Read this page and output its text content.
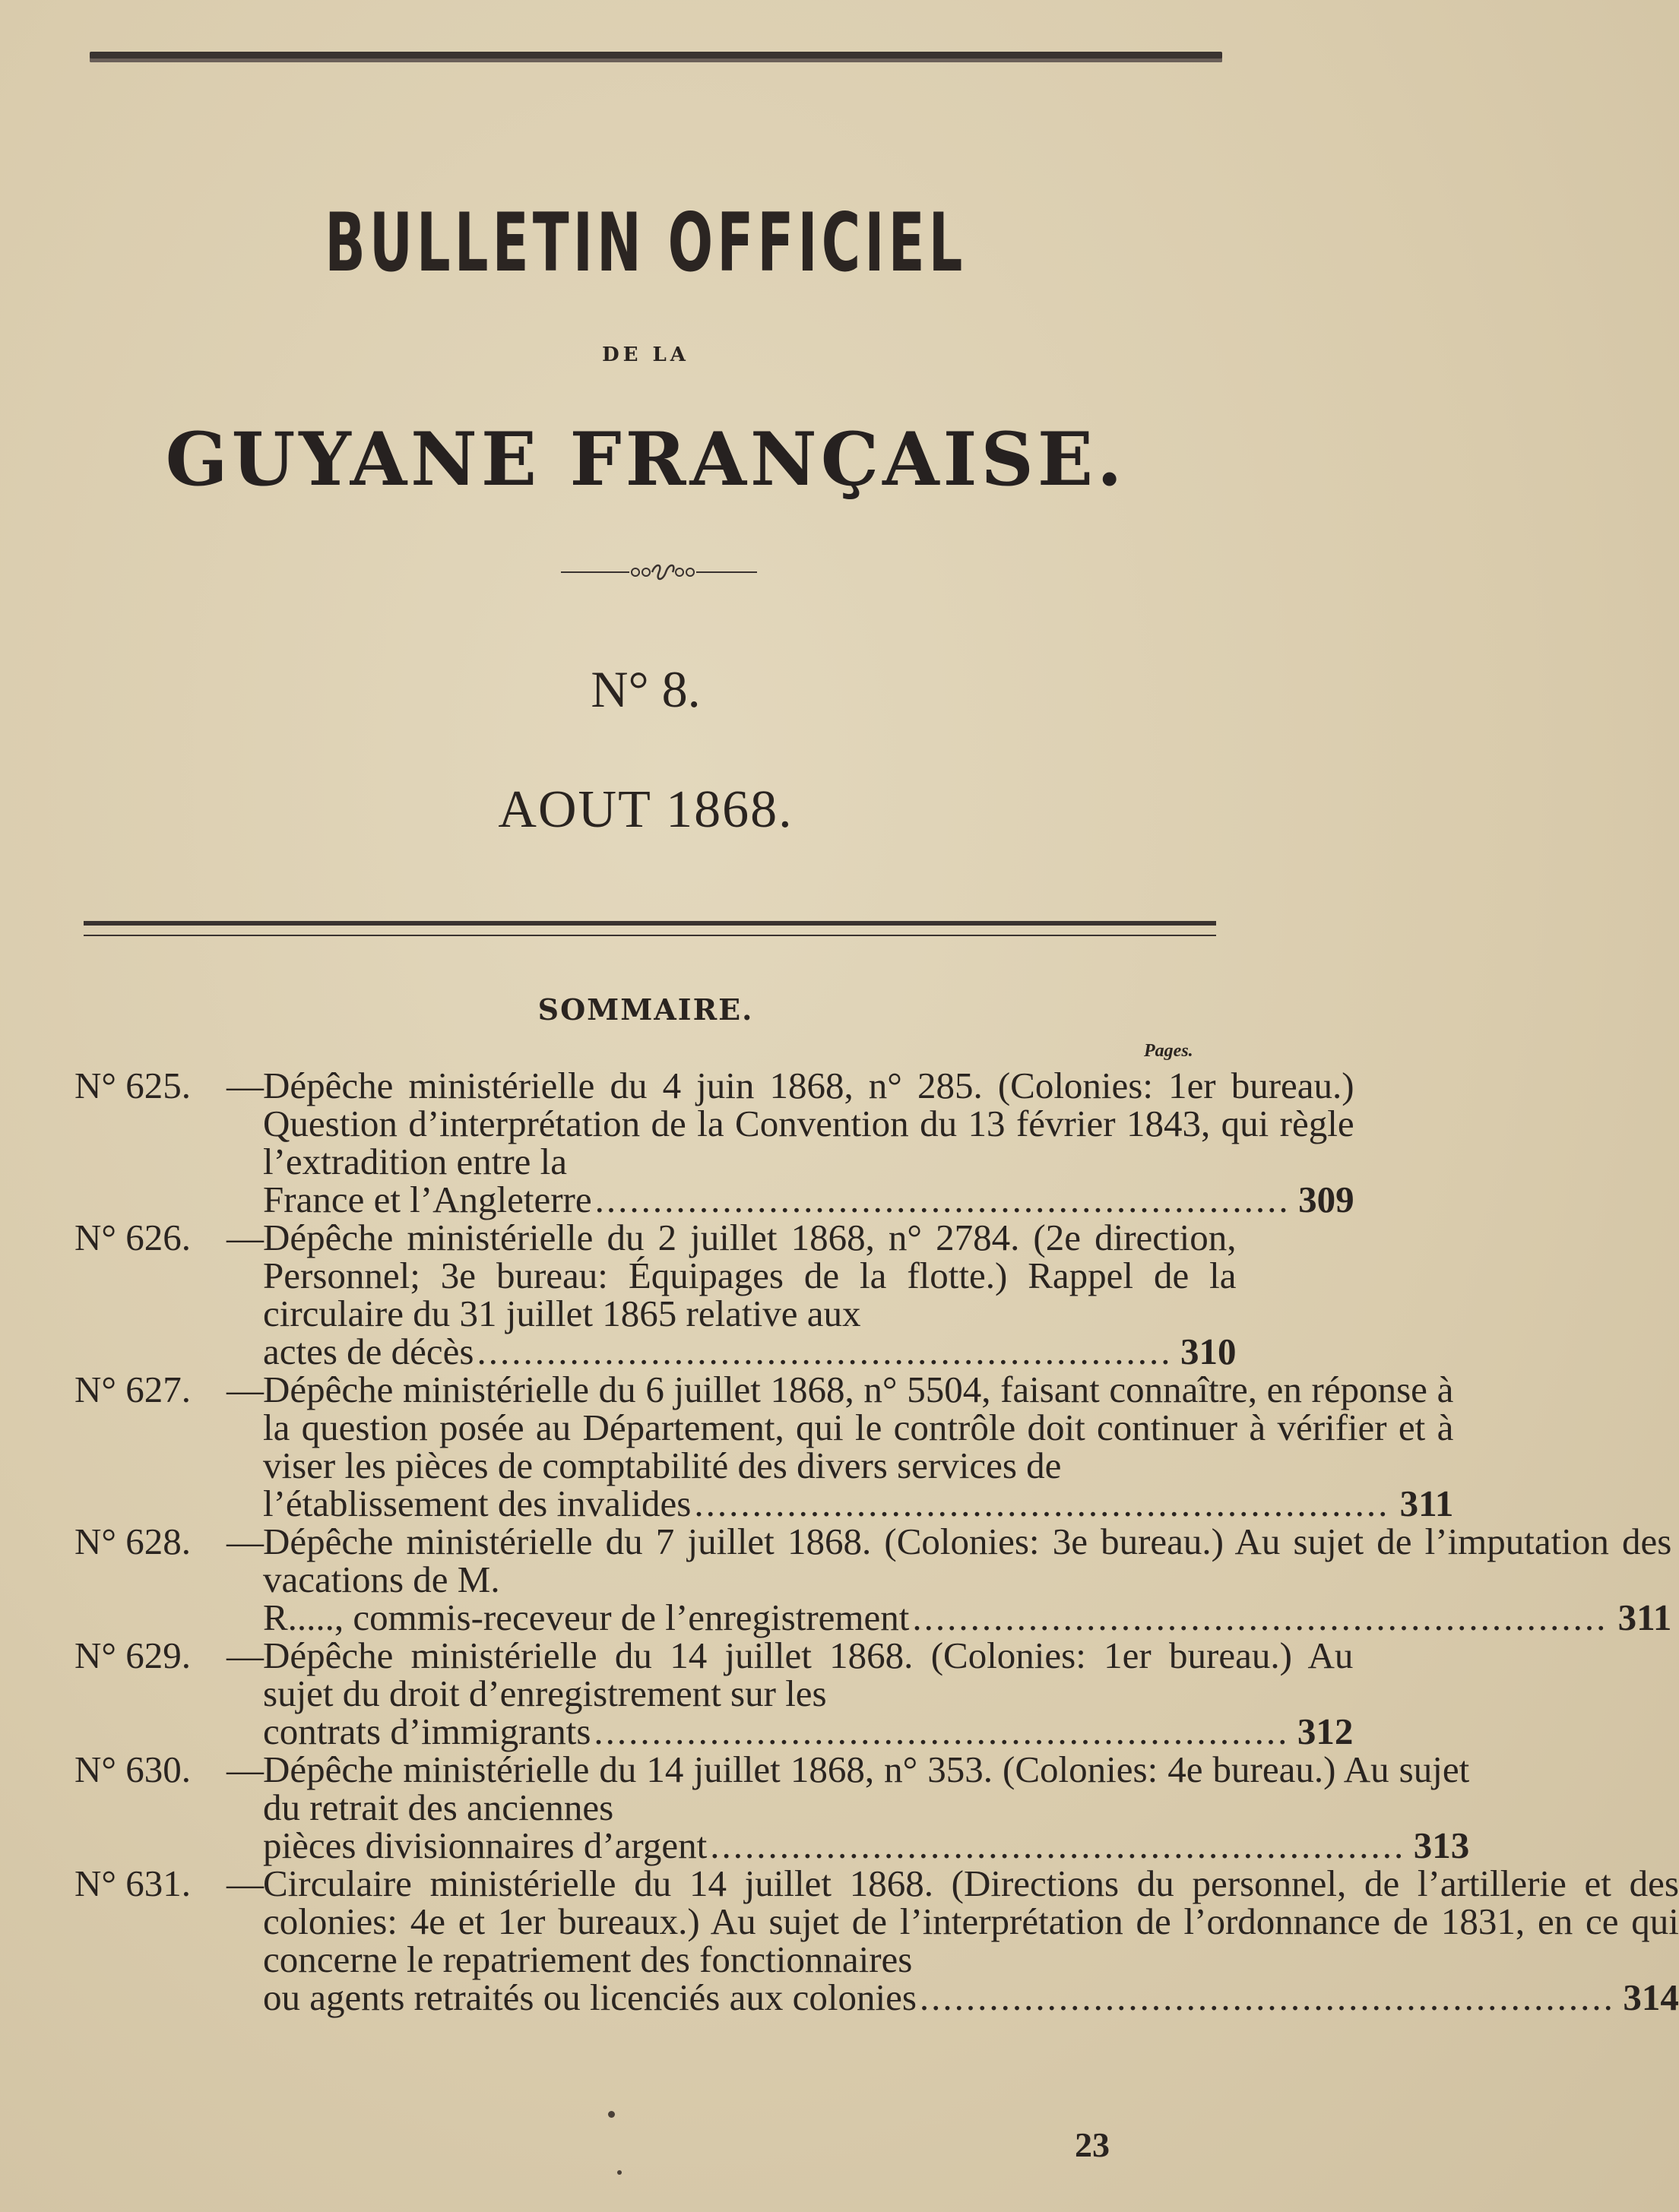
BULLETIN OFFICIEL
DE LA
GUYANE FRANÇAISE.
N° 8.
AOUT 1868.
SOMMAIRE.
Pages.
N° 625. — Dépêche ministérielle du 4 juin 1868, n° 285. (Colonies: 1er bureau.) Question d’interprétation de la Convention du 13 février 1843, qui règle l’extradition entre la
France et l’Angleterre ............................................................ 309
N° 626. — Dépêche ministérielle du 2 juillet 1868, n° 2784. (2e direction, Personnel; 3e bureau: Équipages de la flotte.) Rappel de la circulaire du 31 juillet 1865 relative aux
actes de décès ............................................................ 310
N° 627. — Dépêche ministérielle du 6 juillet 1868, n° 5504, faisant connaître, en réponse à la question posée au Département, qui le contrôle doit continuer à vérifier et à viser les pièces de comptabilité des divers services de
l’établissement des invalides ............................................................ 311
N° 628. — Dépêche ministérielle du 7 juillet 1868. (Colonies: 3e bureau.) Au sujet de l’imputation des vacations de M.
R....., commis-receveur de l’enregistrement ............................................................ 311
N° 629. — Dépêche ministérielle du 14 juillet 1868. (Colonies: 1er bureau.) Au sujet du droit d’enregistrement sur les
contrats d’immigrants ............................................................ 312
N° 630. — Dépêche ministérielle du 14 juillet 1868, n° 353. (Colonies: 4e bureau.) Au sujet du retrait des anciennes
pièces divisionnaires d’argent ............................................................ 313
N° 631. — Circulaire ministérielle du 14 juillet 1868. (Directions du personnel, de l’artillerie et des colonies: 4e et 1er bureaux.) Au sujet de l’interprétation de l’ordonnance de 1831, en ce qui concerne le repatriement des fonctionnaires
ou agents retraités ou licenciés aux colonies ............................................................ 314
23
